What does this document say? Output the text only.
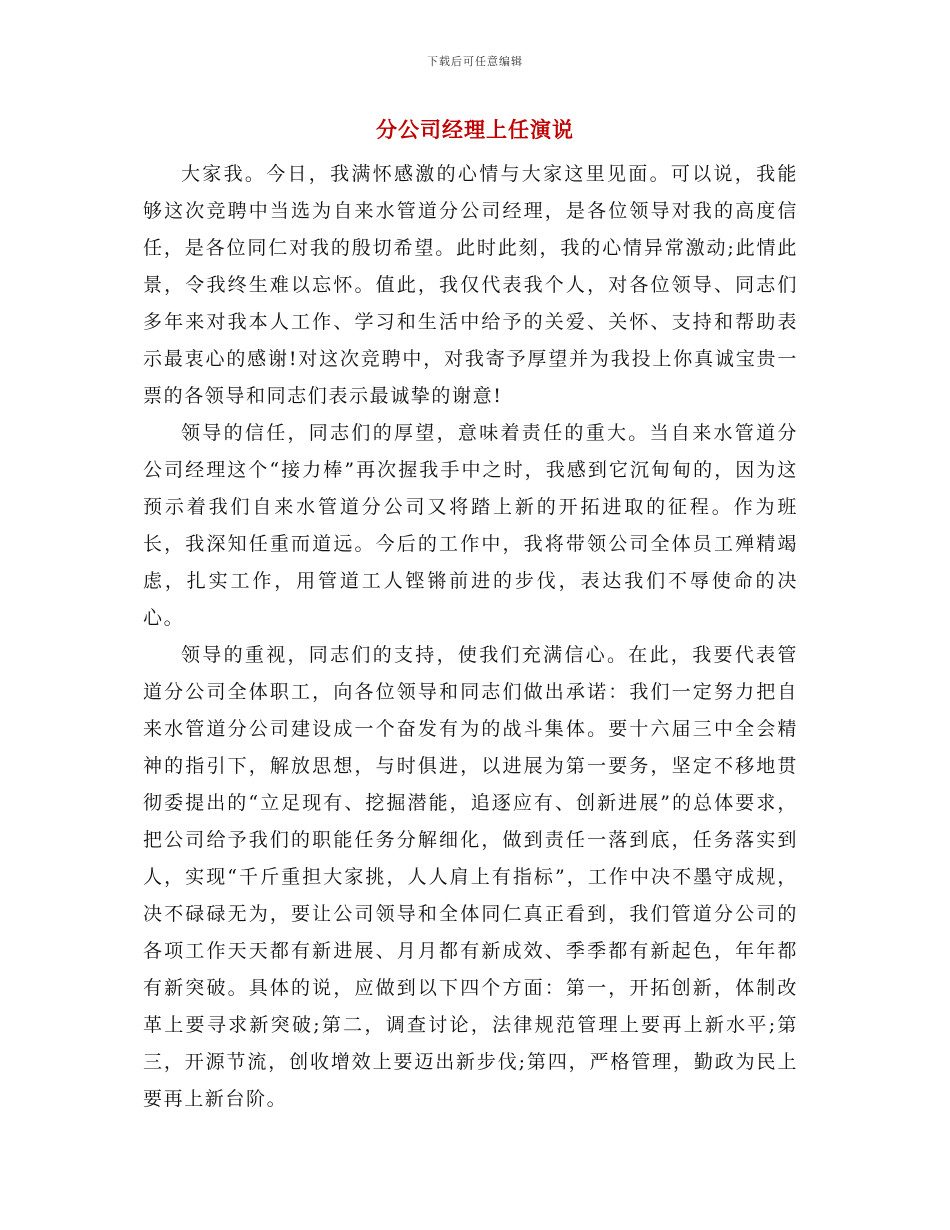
下载后可任意编辑
分公司经理上任演说

大家我。今日，我满怀感激的心情与大家这里见面。可以说，我能够这次竞聘中当选为自来水管道分公司经理，是各位领导对我的高度信任，是各位同仁对我的殷切希望。此时此刻，我的心情异常激动;此情此景，令我终生难以忘怀。值此，我仅代表我个人，对各位领导、同志们多年来对我本人工作、学习和生活中给予的关爱、关怀、支持和帮助表示最衷心的感谢!对这次竞聘中，对我寄予厚望并为我投上你真诚宝贵一票的各领导和同志们表示最诚挚的谢意!

领导的信任，同志们的厚望，意味着责任的重大。当自来水管道分公司经理这个“接力棒”再次握我手中之时，我感到它沉甸甸的，因为这预示着我们自来水管道分公司又将踏上新的开拓进取的征程。作为班长，我深知任重而道远。今后的工作中，我将带领公司全体员工殚精竭虑，扎实工作，用管道工人铿锵前进的步伐，表达我们不辱使命的决心。

领导的重视，同志们的支持，使我们充满信心。在此，我要代表管道分公司全体职工，向各位领导和同志们做出承诺：我们一定努力把自来水管道分公司建设成一个奋发有为的战斗集体。要十六届三中全会精神的指引下，解放思想，与时俱进，以进展为第一要务，坚定不移地贯彻委提出的“立足现有、挖掘潜能，追逐应有、创新进展”的总体要求，把公司给予我们的职能任务分解细化，做到责任一落到底，任务落实到人，实现“千斤重担大家挑，人人肩上有指标”，工作中决不墨守成规，决不碌碌无为，要让公司领导和全体同仁真正看到，我们管道分公司的各项工作天天都有新进展、月月都有新成效、季季都有新起色，年年都有新突破。具体的说，应做到以下四个方面：第一，开拓创新，体制改革上要寻求新突破;第二，调查讨论，法律规范管理上要再上新水平;第三，开源节流，创收增效上要迈出新步伐;第四，严格管理，勤政为民上要再上新台阶。
